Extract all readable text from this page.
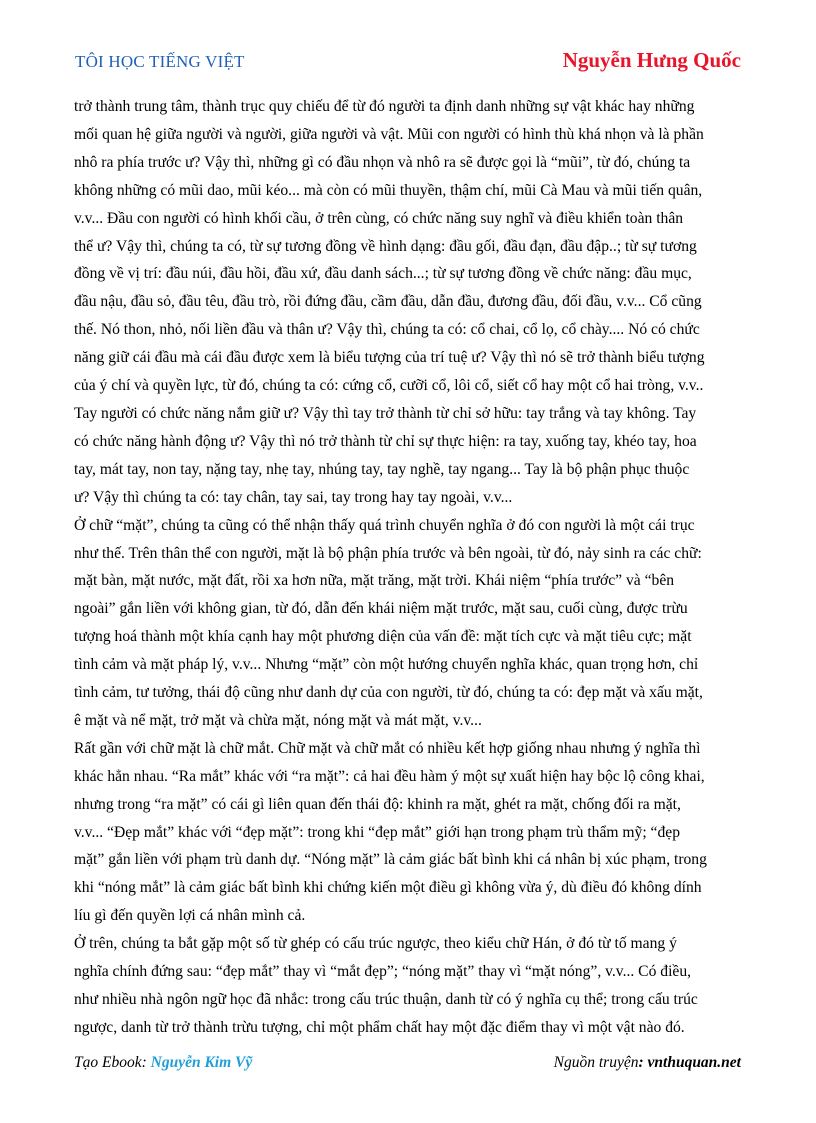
TÔI HỌC TIẾNG VIỆT	Nguyễn Hưng Quốc

trở thành trung tâm, thành trục quy chiếu để từ đó người ta định danh những sự vật khác hay những
mối quan hệ giữa người và người, giữa người và vật. Mũi con người có hình thù khá nhọn và là phần
nhô ra phía trước ư? Vậy thì, những gì có đầu nhọn và nhô ra sẽ được gọi là “mũi”, từ đó, chúng ta
không những có mũi dao, mũi kéo... mà còn có mũi thuyền, thậm chí, mũi Cà Mau và mũi tiến quân,
v.v... Đầu con người có hình khối cầu, ở trên cùng, có chức năng suy nghĩ và điều khiển toàn thân
thể ư? Vậy thì, chúng ta có, từ sự tương đồng về hình dạng: đầu gối, đầu đạn, đầu đập..; từ sự tương
đồng về vị trí: đầu núi, đầu hồi, đầu xứ, đầu danh sách...; từ sự tương đồng về chức năng: đầu mục,
đầu nậu, đầu sỏ, đầu têu, đầu trò, rồi đứng đầu, cầm đầu, dẫn đầu, đương đầu, đối đầu, v.v... Cổ cũng
thế. Nó thon, nhỏ, nối liền đầu và thân ư? Vậy thì, chúng ta có: cổ chai, cổ lọ, cổ chày.... Nó có chức
năng giữ cái đầu mà cái đầu được xem là biểu tượng của trí tuệ ư? Vậy thì nó sẽ trở thành biểu tượng
của ý chí và quyền lực, từ đó, chúng ta có: cứng cổ, cưỡi cổ, lôi cổ, siết cổ hay một cổ hai tròng, v.v..
Tay người có chức năng nắm giữ ư? Vậy thì tay trở thành từ chỉ sở hữu: tay trắng và tay không. Tay
có chức năng hành động ư? Vậy thì nó trở thành từ chỉ sự thực hiện: ra tay, xuống tay, khéo tay, hoa
tay, mát tay, non tay, nặng tay, nhẹ tay, nhúng tay, tay nghề, tay ngang... Tay là bộ phận phục thuộc
ư? Vậy thì chúng ta có: tay chân, tay sai, tay trong hay tay ngoài, v.v...

Ở chữ “mặt”, chúng ta cũng có thể nhận thấy quá trình chuyển nghĩa ở đó con người là một cái trục
như thế. Trên thân thể con người, mặt là bộ phận phía trước và bên ngoài, từ đó, nảy sinh ra các chữ:
mặt bàn, mặt nước, mặt đất, rồi xa hơn nữa, mặt trăng, mặt trời. Khái niệm “phía trước” và “bên
ngoài” gắn liền với không gian, từ đó, dẫn đến khái niệm mặt trước, mặt sau, cuối cùng, được trừu
tượng hoá thành một khía cạnh hay một phương diện của vấn đề: mặt tích cực và mặt tiêu cực; mặt
tình cảm và mặt pháp lý, v.v... Nhưng “mặt” còn một hướng chuyển nghĩa khác, quan trọng hơn, chỉ
tình cảm, tư tưởng, thái độ cũng như danh dự của con người, từ đó, chúng ta có: đẹp mặt và xấu mặt,
ê mặt và nể mặt, trở mặt và chừa mặt, nóng mặt và mát mặt, v.v...

Rất gần với chữ mặt là chữ mắt. Chữ mặt và chữ mắt có nhiều kết hợp giống nhau nhưng ý nghĩa thì
khác hẳn nhau. “Ra mắt” khác với “ra mặt”: cả hai đều hàm ý một sự xuất hiện hay bộc lộ công khai,
nhưng trong “ra mặt” có cái gì liên quan đến thái độ: khinh ra mặt, ghét ra mặt, chống đối ra mặt,
v.v... “Đẹp mắt” khác với “đẹp mặt”: trong khi “đẹp mắt” giới hạn trong phạm trù thẩm mỹ; “đẹp
mặt” gắn liền với phạm trù danh dự. “Nóng mặt” là cảm giác bất bình khi cá nhân bị xúc phạm, trong
khi “nóng mắt” là cảm giác bất bình khi chứng kiến một điều gì không vừa ý, dù điều đó không dính
líu gì đến quyền lợi cá nhân mình cả.

Ở trên, chúng ta bắt gặp một số từ ghép có cấu trúc ngược, theo kiểu chữ Hán, ở đó từ tố mang ý
nghĩa chính đứng sau: “đẹp mắt” thay vì “mắt đẹp”; “nóng mặt” thay vì “mặt nóng”, v.v... Có điều,
như nhiều nhà ngôn ngữ học đã nhắc: trong cấu trúc thuận, danh từ có ý nghĩa cụ thể; trong cấu trúc
ngược, danh từ trở thành trừu tượng, chỉ một phẩm chất hay một đặc điểm thay vì một vật nào đó.

Tạo Ebook: Nguyễn Kim Vỹ	Nguồn truyện: vnthuquan.net
